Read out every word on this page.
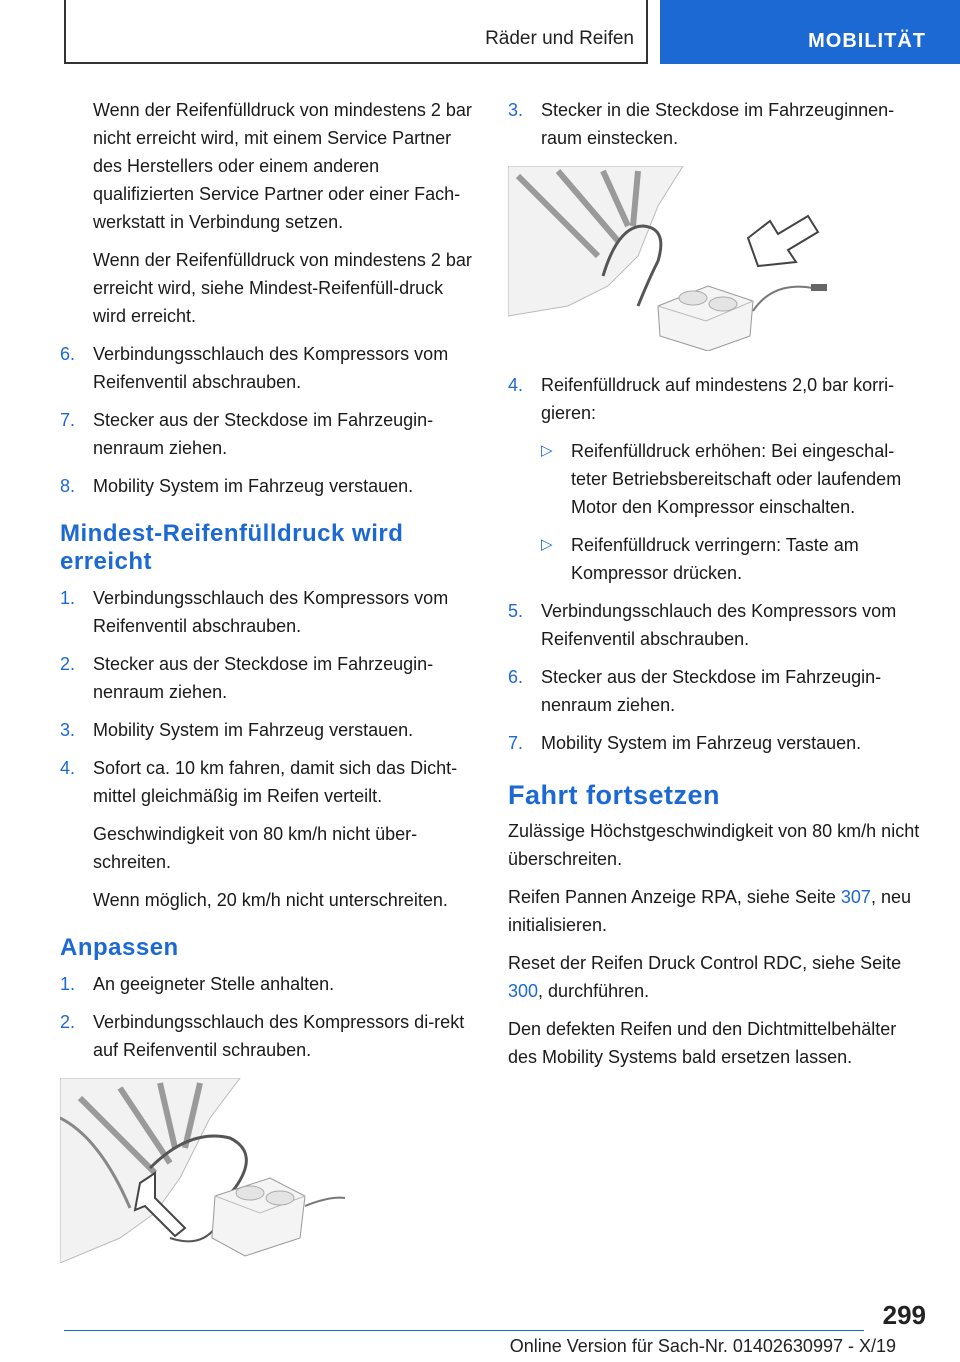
Räder und Reifen	MOBILITÄT

Wenn der Reifenfülldruck von mindestens 2 bar nicht erreicht wird, mit einem Service Partner des Herstellers oder einem anderen qualifizierten Service Partner oder einer Fach‐werkstatt in Verbindung setzen.

Wenn der Reifenfülldruck von mindestens 2 bar erreicht wird, siehe Mindest-Reifenfüll‐druck wird erreicht.

6. Verbindungsschlauch des Kompressors vom Reifenventil abschrauben.
7. Stecker aus der Steckdose im Fahrzeugin‐nenraum ziehen.
8. Mobility System im Fahrzeug verstauen.
Mindest-Reifenfülldruck wird erreicht
1. Verbindungsschlauch des Kompressors vom Reifenventil abschrauben.
2. Stecker aus der Steckdose im Fahrzeugin‐nenraum ziehen.
3. Mobility System im Fahrzeug verstauen.
4. Sofort ca. 10 km fahren, damit sich das Dicht‐mittel gleichmäßig im Reifen verteilt.

Geschwindigkeit von 80 km/h nicht über‐schreiten.

Wenn möglich, 20 km/h nicht unterschreiten.

Anpassen
1. An geeigneter Stelle anhalten.
2. Verbindungsschlauch des Kompressors di‐rekt auf Reifenventil schrauben.
3. Stecker in die Steckdose im Fahrzeuginnen‐raum einstecken.
4. Reifenfülldruck auf mindestens 2,0 bar korri‐gieren:
▷ Reifenfülldruck erhöhen: Bei eingeschal‐teter Betriebsbereitschaft oder laufendem Motor den Kompressor einschalten.
▷ Reifenfülldruck verringern: Taste am Kompressor drücken.
5. Verbindungsschlauch des Kompressors vom Reifenventil abschrauben.
6. Stecker aus der Steckdose im Fahrzeugin‐nenraum ziehen.
7. Mobility System im Fahrzeug verstauen.
Fahrt fortsetzen

Zulässige Höchstgeschwindigkeit von 80 km/h nicht überschreiten.

Reifen Pannen Anzeige RPA, siehe Seite 307, neu initialisieren.

Reset der Reifen Druck Control RDC, siehe Seite 300, durchführen.

Den defekten Reifen und den Dichtmittelbehälter des Mobility Systems bald ersetzen lassen.

299
Online Version für Sach-Nr. 01402630997 - X/19
